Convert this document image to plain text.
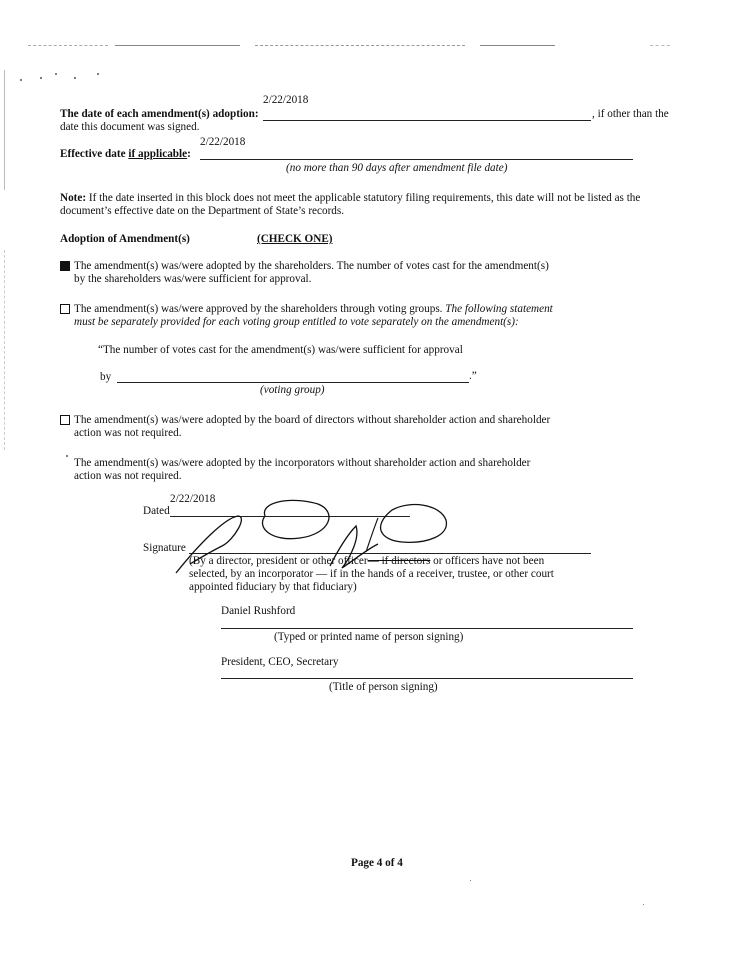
2/22/2018
The date of each amendment(s) adoption:	, if other than the
date this document was signed.
2/22/2018
Effective date if applicable:
(no more than 90 days after amendment file date)
Note: If the date inserted in this block does not meet the applicable statutory filing requirements, this date will not be listed as the document’s effective date on the Department of State’s records.
Adoption of Amendment(s)	(CHECK ONE)
The amendment(s) was/were adopted by the shareholders. The number of votes cast for the amendment(s)
by the shareholders was/were sufficient for approval.
The amendment(s) was/were approved by the shareholders through voting groups. The following statement
must be separately provided for each voting group entitled to vote separately on the amendment(s):
“The number of votes cast for the amendment(s) was/were sufficient for approval
by	.”
(voting group)
The amendment(s) was/were adopted by the board of directors without shareholder action and shareholder
action was not required.
The amendment(s) was/were adopted by the incorporators without shareholder action and shareholder
action was not required.
2/22/2018
Dated
Signature
(By a director, president or other officer— if directors or officers have not been
selected, by an incorporator — if in the hands of a receiver, trustee, or other court
appointed fiduciary by that fiduciary)
Daniel Rushford
(Typed or printed name of person signing)
President, CEO, Secretary
(Title of person signing)
Page 4 of 4
